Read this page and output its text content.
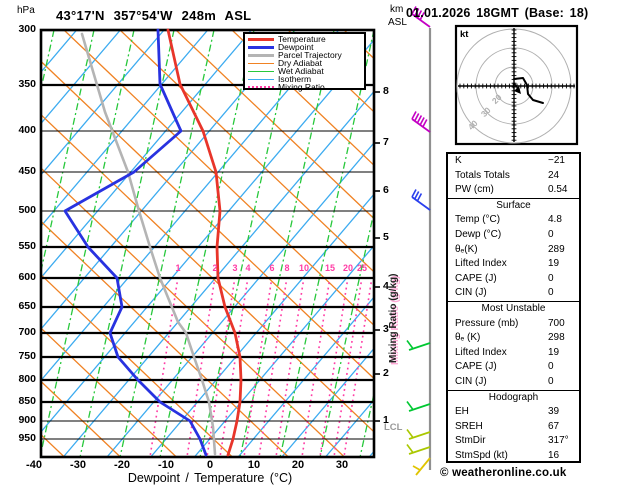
hPa 43°17'N 357°54'W 248m ASL	km
ASL
01.01.2026 18GMT (Base: 18)
Dewpoint / Temperature (°C)
Mixing Ratio (g/kg)
LCL
kt
© weatheronline.co.uk
Temperature
Dewpoint
Parcel Trajectory
Dry Adiabat
Wet Adiabat
Isotherm
Mixing Ratio
K	−21
Totals Totals	24
PW (cm)	0.54
Surface
Temp (°C)	4.8
Dewp (°C)	0
θₑ(K)	289
Lifted Index	19
CAPE (J)	0
CIN (J)	0
Most Unstable
Pressure (mb)	700
θₑ (K)	298
Lifted Index	19
CAPE (J)	0
CIN (J)	0
Hodograph
EH	39
SREH	67
StmDir	317°
StmSpd (kt)	16
300
350
400
450
500
550
600
650
700
750
800
850
900
950
-40	-30	-20	-10	0	10	20	30
1
2
3
4
5
6
7
8
1	2	3 4	6	8	10	15 20 25
20
30
40
